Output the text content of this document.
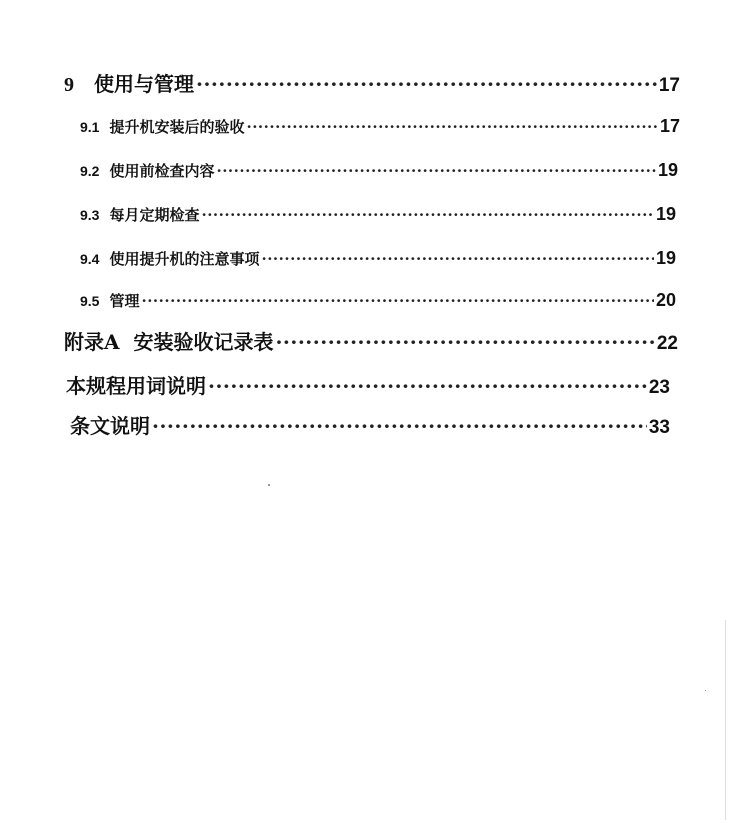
9 使用与管理 ·····	17
9.1 提升机安装后的验收 ·····	17
9.2 使用前检查内容 ·····	19
9.3 每月定期检查 ·····	19
9.4 使用提升机的注意事项 ·····	19
9.5 管理 ·····	20
附录A  安装验收记录表 ·····	22
本规程用词说明 ·····	23
条文说明 ·····	33
